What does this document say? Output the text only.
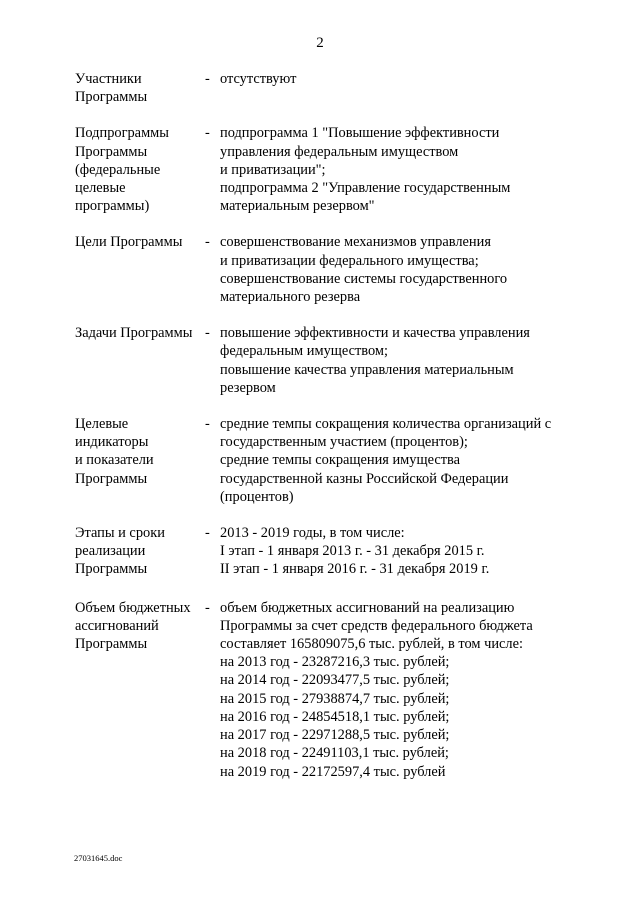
2
Участники
Программы
- отсутствуют
Подпрограммы
Программы
(федеральные
целевые
программы)
- подпрограмма 1 "Повышение эффективности
управления федеральным имуществом
и приватизации";
подпрограмма 2 "Управление государственным
материальным резервом"
Цели Программы	- совершенствование механизмов управления
и приватизации федерального имущества;
совершенствование системы государственного
материального резерва
Задачи Программы - повышение эффективности и качества управления
федеральным имуществом;
повышение качества управления материальным
резервом
Целевые
индикаторы
и показатели
Программы
- средние темпы сокращения количества организаций с
государственным участием (процентов);
средние темпы сокращения имущества
государственной казны Российской Федерации
(процентов)
Этапы и сроки
реализации
Программы
- 2013 - 2019 годы, в том числе:
I этап - 1 января 2013 г. - 31 декабря 2015 г.
II этап - 1 января 2016 г. - 31 декабря 2019 г.
Объем бюджетных
ассигнований
Программы
- объем бюджетных ассигнований на реализацию
Программы за счет средств федерального бюджета
составляет 165809075,6 тыс. рублей, в том числе:
на 2013 год - 23287216,3 тыс. рублей;
на 2014 год - 22093477,5 тыс. рублей;
на 2015 год - 27938874,7 тыс. рублей;
на 2016 год - 24854518,1 тыс. рублей;
на 2017 год - 22971288,5 тыс. рублей;
на 2018 год - 22491103,1 тыс. рублей;
на 2019 год - 22172597,4 тыс. рублей
27031645.doc
